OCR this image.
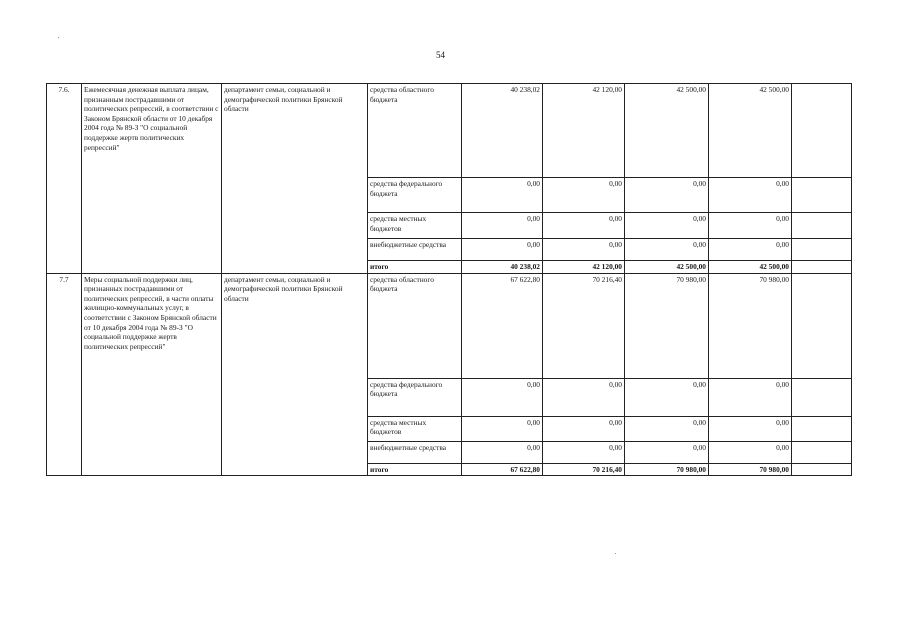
54
7.6.	Ежемесячная денежная выплата лицам, признанным пострадавшими от политических репрессий, в соответствии с Законом Брянской области от 10 декабря 2004 года № 89-З "О социальной поддержке жертв политических репрессий"	департамент семьи, социальной и демографической политики Брянской области	средства областного бюджета	40 238,02	42 120,00	42 500,00	42 500,00	
			средства федерального бюджета	0,00	0,00	0,00	0,00	
			средства местных бюджетов	0,00	0,00	0,00	0,00	
			внебюджетные средства	0,00	0,00	0,00	0,00	
			итого	40 238,02	42 120,00	42 500,00	42 500,00	
7.7	Меры социальной поддержки лиц, признанных пострадавшими от политических репрессий, в части оплаты жилищно-коммунальных услуг, в соответствии с Законом Брянской области от 10 декабря 2004 года № 89-З "О социальной поддержке жертв политических репрессий"	департамент семьи, социальной и демографической политики Брянской области	средства областного бюджета	67 622,80	70 216,40	70 980,00	70 980,00	
			средства федерального бюджета	0,00	0,00	0,00	0,00	
			средства местных бюджетов	0,00	0,00	0,00	0,00	
			внебюджетные средства	0,00	0,00	0,00	0,00	
			итого	67 622,80	70 216,40	70 980,00	70 980,00	
